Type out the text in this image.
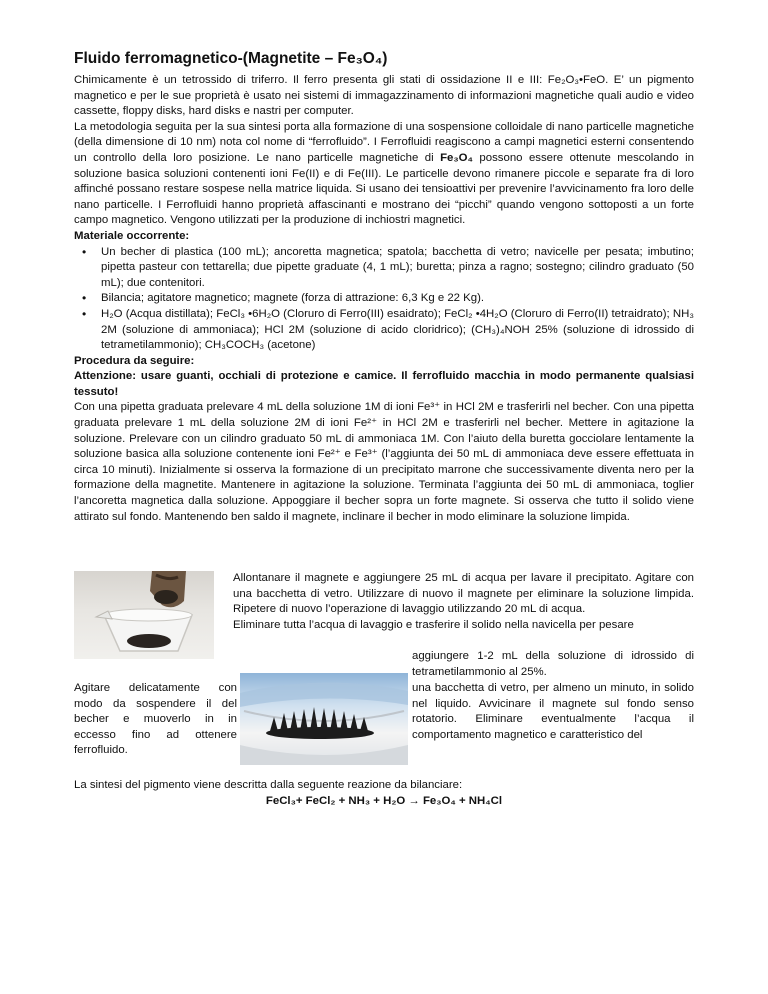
Fluido ferromagnetico-(Magnetite – Fe₃O₄)

Chimicamente è un tetrossido di triferro. Il ferro presenta gli stati di ossidazione II e III: Fe₂O₃•FeO. E’ un pigmento magnetico e per le sue proprietà è usato nei sistemi di immagazzinamento di informazioni magnetiche quali audio e video cassette, floppy disks, hard disks e nastri per computer.

La metodologia seguita per la sua sintesi porta alla formazione di una sospensione colloidale di nano particelle magnetiche (della dimensione di 10 nm) nota col nome di “ferrofluido”. I Ferrofluidi reagiscono a campi magnetici esterni consentendo un controllo della loro posizione. Le nano particelle magnetiche di Fe₃O₄ possono essere ottenute mescolando in soluzione basica soluzioni contenenti ioni Fe(II) e di Fe(III). Le particelle devono rimanere piccole e separate fra di loro affinché possano restare sospese nella matrice liquida. Si usano dei tensioattivi per prevenire l’avvicinamento fra loro delle nano particelle. I Ferrofluidi hanno proprietà affascinanti e mostrano dei “picchi” quando vengono sottoposti a un forte campo magnetico. Vengono utilizzati per la produzione di inchiostri magnetici.

Materiale occorrente:

• Un becher di plastica (100 mL); ancoretta magnetica; spatola; bacchetta di vetro; navicelle per pesata; imbutino; pipetta pasteur con tettarella; due pipette graduate (4, 1 mL); buretta; pinza a ragno; sostegno; cilindro graduato (50 mL); due contenitori.
• Bilancia; agitatore magnetico; magnete (forza di attrazione: 6,3 Kg e 22 Kg).
• H₂O (Acqua distillata); FeCl₃ •6H₂O (Cloruro di Ferro(III) esaidrato); FeCl₂ •4H₂O (Cloruro di Ferro(II) tetraidrato); NH₃ 2M (soluzione di ammoniaca); HCl 2M (soluzione di acido cloridrico); (CH₃)₄NOH 25% (soluzione di idrossido di tetrametilammonio); CH₃COCH₃ (acetone)

Procedura da seguire:

Attenzione: usare guanti, occhiali di protezione e camice. Il ferrofluido macchia in modo permanente qualsiasi tessuto!

Con una pipetta graduata prelevare 4 mL della soluzione 1M di ioni Fe³⁺ in HCl 2M e trasferirli nel becher. Con una pipetta graduata prelevare 1 mL della soluzione 2M di ioni Fe²⁺ in HCl 2M e trasferirli nel becher. Mettere in agitazione la soluzione. Prelevare con un cilindro graduato 50 mL di ammoniaca 1M. Con l’aiuto della buretta gocciolare lentamente la soluzione basica alla soluzione contenente ioni Fe²⁺ e Fe³⁺ (l’aggiunta dei 50 mL di ammoniaca deve essere effettuata in circa 10 minuti). Inizialmente si osserva la formazione di un precipitato marrone che successivamente diventa nero per la formazione della magnetite. Mantenere in agitazione la soluzione. Terminata l’aggiunta dei 50 mL di ammoniaca, toglier l’ancoretta magnetica dalla soluzione. Appoggiare il becher sopra un forte magnete. Si osserva che tutto il solido viene attirato sul fondo. Mantenendo ben saldo il magnete, inclinare il becher in modo eliminare la soluzione limpida.

Allontanare il magnete e aggiungere 25 mL di acqua per lavare il precipitato. Agitare con una bacchetta di vetro. Utilizzare di nuovo il magnete per eliminare la soluzione limpida. Ripetere di nuovo l’operazione di lavaggio utilizzando 20 mL di acqua.

Eliminare tutta l’acqua di lavaggio e trasferire il solido nella navicella per pesare

aggiungere 1-2 mL della soluzione di idrossido di tetrametilammonio al 25%.

Agitare delicatamente con modo da sospendere il del becher e muoverlo in in eccesso fino ad ottenere ferrofluido.

una bacchetta di vetro, per almeno un minuto, in solido nel liquido. Avvicinare il magnete sul fondo senso rotatorio. Eliminare eventualmente l’acqua il comportamento magnetico e caratteristico del

La sintesi del pigmento viene descritta dalla seguente reazione da bilanciare:

FeCl₃+ FeCl₂ + NH₃ + H₂O → Fe₃O₄ + NH₄Cl
